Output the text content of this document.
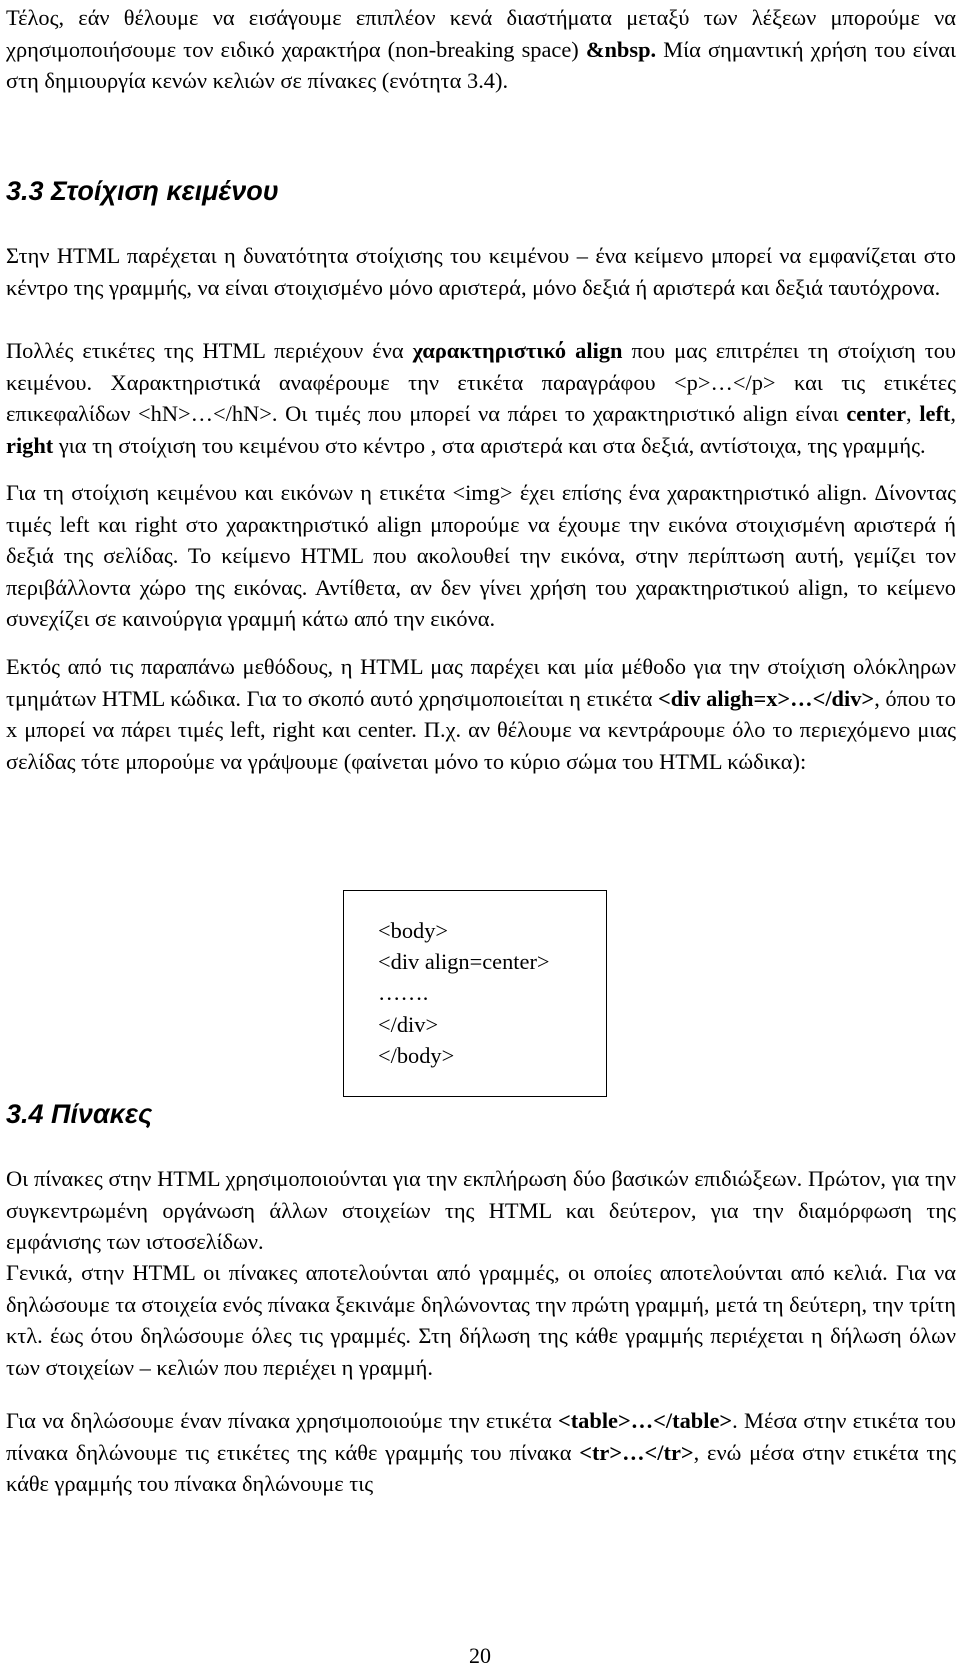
Τέλος, εάν θέλουμε να εισάγουμε επιπλέον κενά διαστήματα μεταξύ των λέξεων μπορούμε να χρησιμοποιήσουμε τον ειδικό χαρακτήρα (non-breaking space) &nbsp. Μία σημαντική χρήση του είναι στη δημιουργία κενών κελιών σε πίνακες (ενότητα 3.4).

3.3 Στοίχιση κειμένου

Στην HTML παρέχεται η δυνατότητα στοίχισης του κειμένου – ένα κείμενο μπορεί να εμφανίζεται στο κέντρο της γραμμής, να είναι στοιχισμένο μόνο αριστερά, μόνο δεξιά ή αριστερά και δεξιά ταυτόχρονα.

Πολλές ετικέτες της HTML περιέχουν ένα χαρακτηριστικό align που μας επιτρέπει τη στοίχιση του κειμένου. Χαρακτηριστικά αναφέρουμε την ετικέτα παραγράφου <p>…</p> και τις ετικέτες επικεφαλίδων <hN>…</hN>. Οι τιμές που μπορεί να πάρει το χαρακτηριστικό align είναι center, left, right για τη στοίχιση του κειμένου στο κέντρο , στα αριστερά και στα δεξιά, αντίστοιχα, της γραμμής.

Για τη στοίχιση κειμένου και εικόνων η ετικέτα <img> έχει επίσης ένα χαρακτηριστικό align. Δίνοντας τιμές left και right στο χαρακτηριστικό align μπορούμε να έχουμε την εικόνα στοιχισμένη αριστερά ή δεξιά της σελίδας. Το κείμενο HTML που ακολουθεί την εικόνα, στην περίπτωση αυτή, γεμίζει τον περιβάλλοντα χώρο της εικόνας. Αντίθετα, αν δεν γίνει χρήση του χαρακτηριστικού align, το κείμενο συνεχίζει σε καινούργια γραμμή κάτω από την εικόνα.

Εκτός από τις παραπάνω μεθόδους, η HTML μας παρέχει και μία μέθοδο για την στοίχιση ολόκληρων τμημάτων HTML κώδικα. Για το σκοπό αυτό χρησιμοποιείται η ετικέτα <div aligh=x>…</div>, όπου το x μπορεί να πάρει τιμές left, right και center. Π.χ. αν θέλουμε να κεντράρουμε όλο το περιεχόμενο μιας σελίδας τότε μπορούμε να γράψουμε (φαίνεται μόνο το κύριο σώμα του HTML κώδικα):

<body>
<div align=center>
…….
</div>
</body>
3.4 Πίνακες

Οι πίνακες στην HTML χρησιμοποιούνται για την εκπλήρωση δύο βασικών επιδιώξεων. Πρώτον, για την συγκεντρωμένη οργάνωση άλλων στοιχείων της HTML και δεύτερον, για την διαμόρφωση της εμφάνισης των ιστοσελίδων.

Γενικά, στην HTML οι πίνακες αποτελούνται από γραμμές, οι οποίες αποτελούνται από κελιά. Για να δηλώσουμε τα στοιχεία ενός πίνακα ξεκινάμε δηλώνοντας την πρώτη γραμμή, μετά τη δεύτερη, την τρίτη κτλ. έως ότου δηλώσουμε όλες τις γραμμές. Στη δήλωση της κάθε γραμμής περιέχεται η δήλωση όλων των στοιχείων – κελιών που περιέχει η γραμμή.

Για να δηλώσουμε έναν πίνακα χρησιμοποιούμε την ετικέτα <table>…</table>. Μέσα στην ετικέτα του πίνακα δηλώνουμε τις ετικέτες της κάθε γραμμής του πίνακα <tr>…</tr>, ενώ μέσα στην ετικέτα της κάθε γραμμής του πίνακα δηλώνουμε τις

20
